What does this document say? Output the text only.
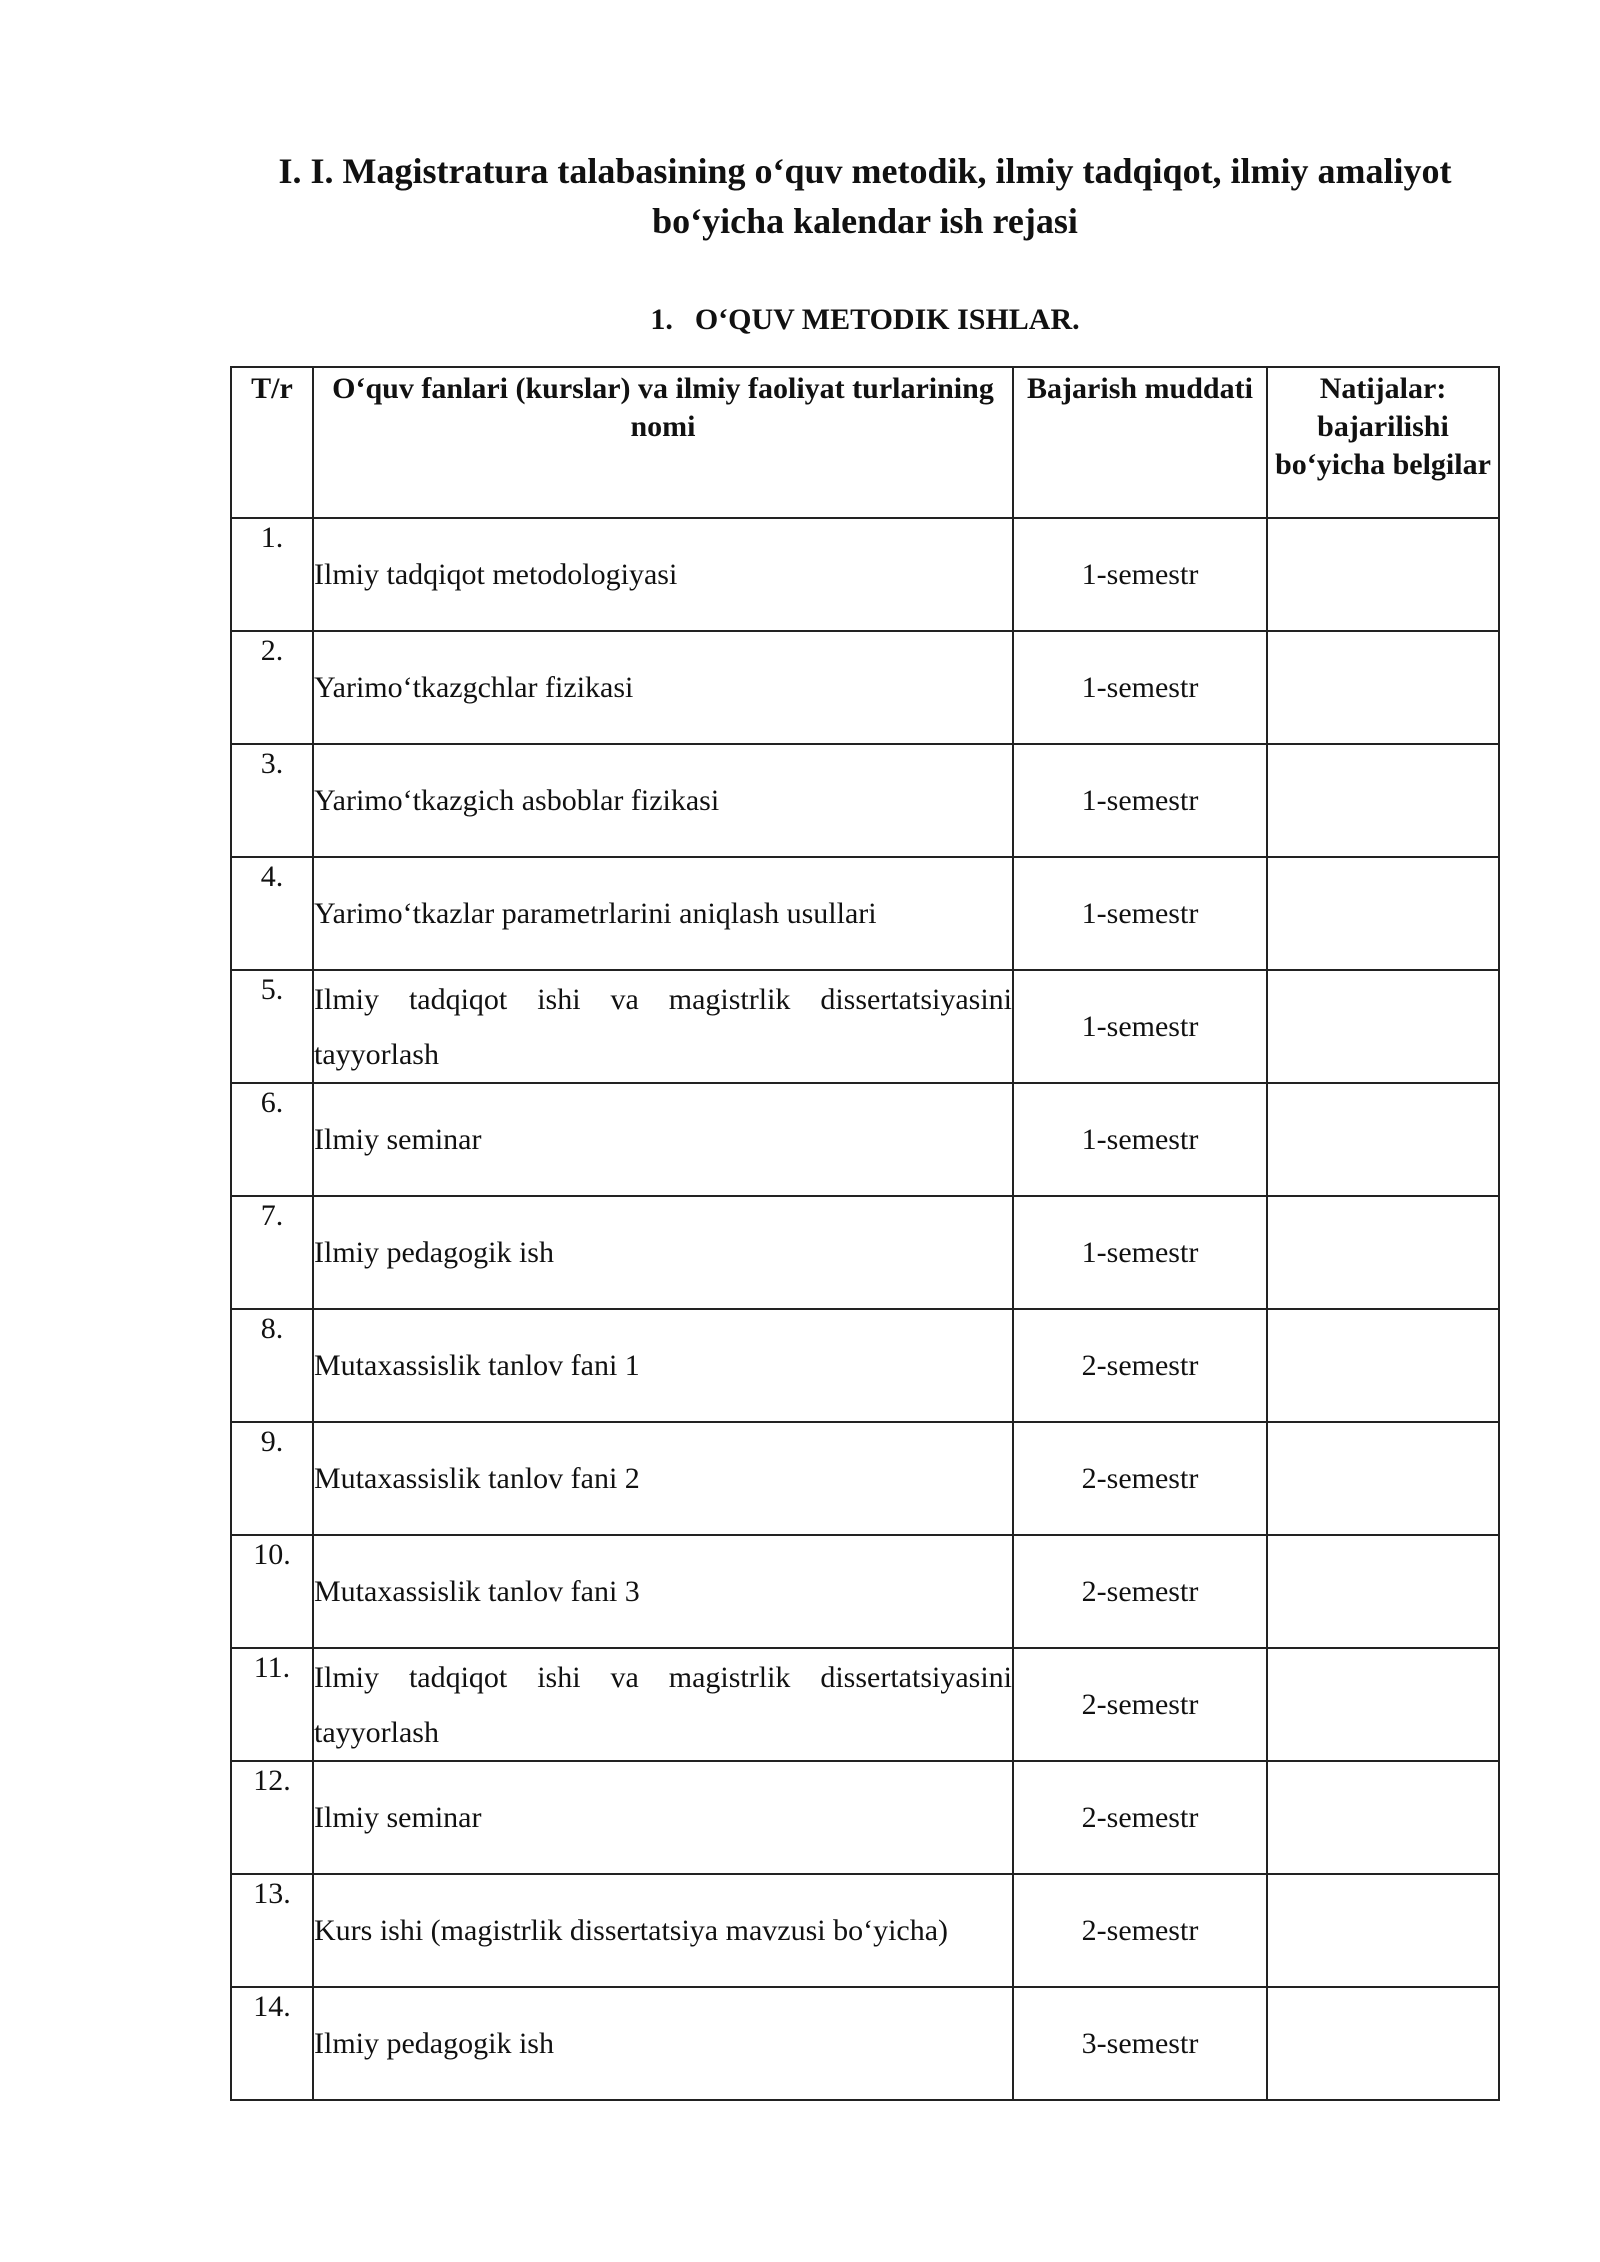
I. I. Magistratura talabasining o‘quv metodik, ilmiy tadqiqot, ilmiy amaliyot bo‘yicha kalendar ish rejasi
1. O‘QUV METODIK ISHLAR.
T/r	O‘quv fanlari (kurslar) va ilmiy faoliyat turlarining nomi	Bajarish muddati	Natijalar: bajarilishi bo‘yicha belgilar
1.	Ilmiy tadqiqot metodologiyasi	1-semestr	
2.	Yarimo‘tkazgchlar fizikasi	1-semestr	
3.	Yarimo‘tkazgich asboblar fizikasi	1-semestr	
4.	Yarimo‘tkazlar parametrlarini aniqlash usullari	1-semestr	
5.	Ilmiy tadqiqot ishi va magistrlik dissertatsiyasini tayyorlash	1-semestr	
6.	Ilmiy seminar	1-semestr	
7.	Ilmiy pedagogik ish	1-semestr	
8.	Mutaxassislik tanlov fani 1	2-semestr	
9.	Mutaxassislik tanlov fani 2	2-semestr	
10.	Mutaxassislik tanlov fani 3	2-semestr	
11.	Ilmiy tadqiqot ishi va magistrlik dissertatsiyasini tayyorlash	2-semestr	
12.	Ilmiy seminar	2-semestr	
13.	Kurs ishi (magistrlik dissertatsiya mavzusi bo‘yicha)	2-semestr	
14.	Ilmiy pedagogik ish	3-semestr	
